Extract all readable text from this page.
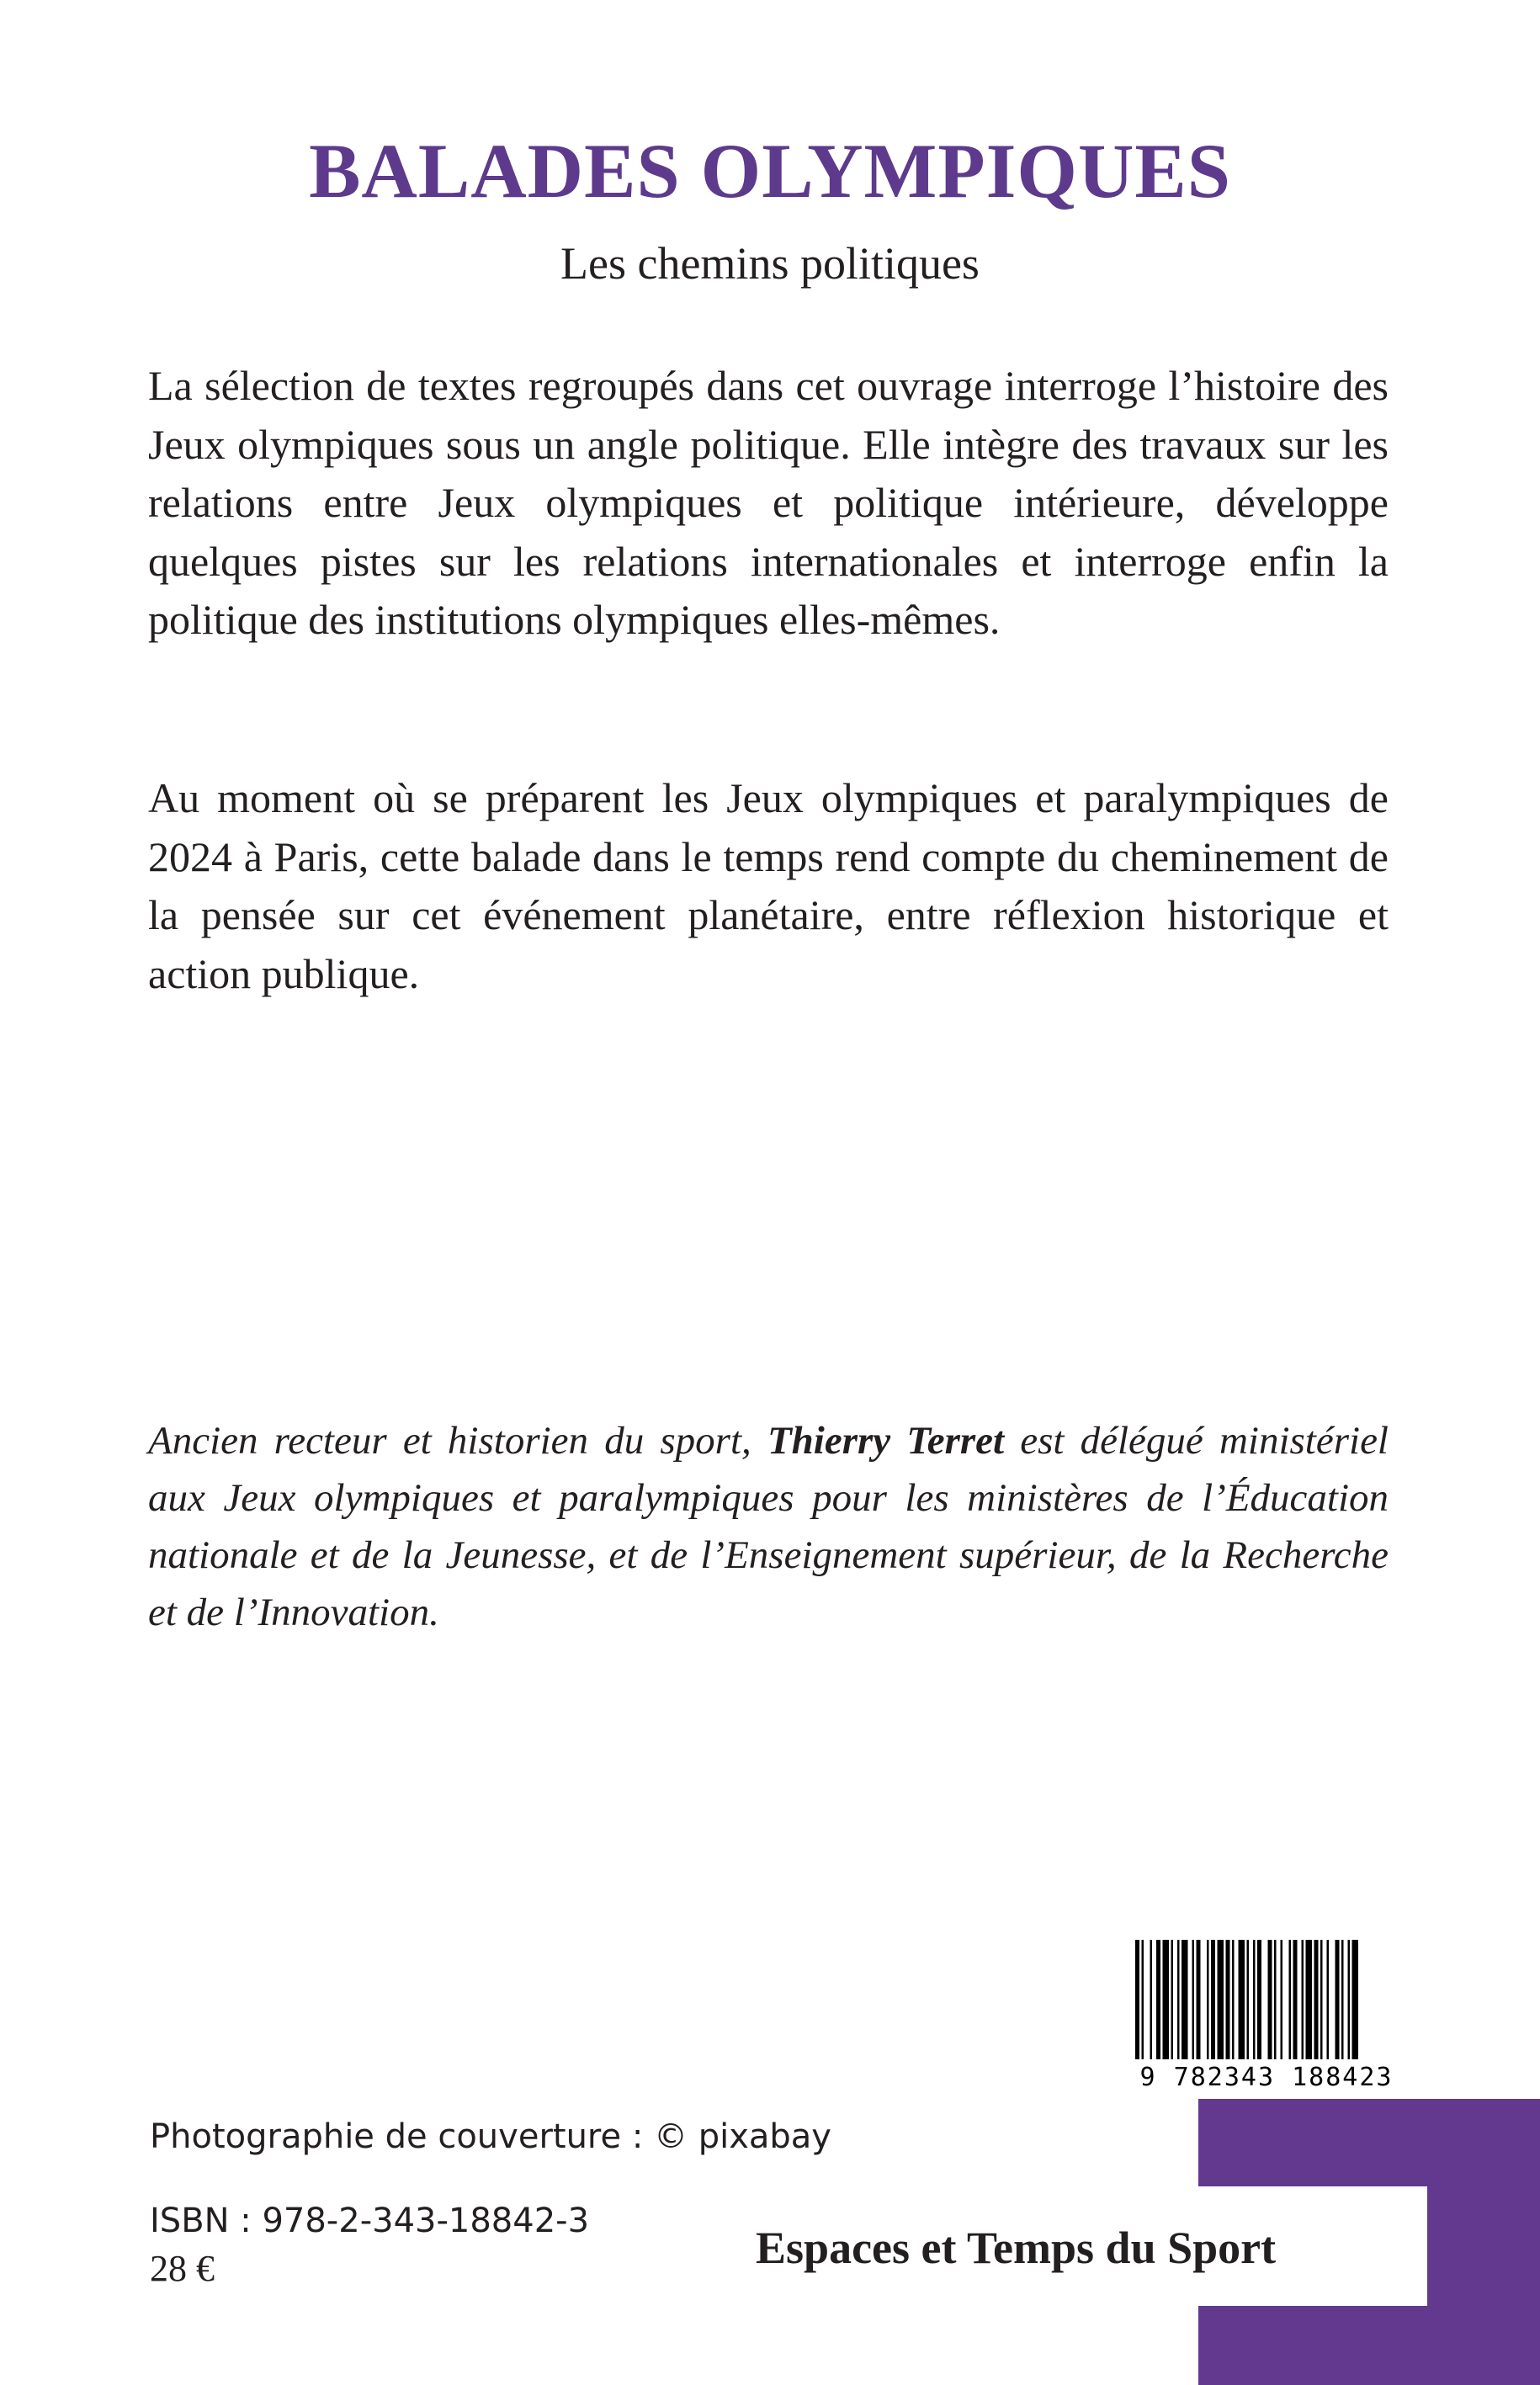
BALADES OLYMPIQUES
Les chemins politiques
La sélection de textes regroupés dans cet ouvrage interroge l’histoire des Jeux olympiques sous un angle politique. Elle intègre des travaux sur les relations entre Jeux olympiques et politique intérieure, développe quelques pistes sur les relations internationales et interroge enfin la politique des institutions olympiques elles-mêmes.
Au moment où se préparent les Jeux olympiques et paralympiques de 2024 à Paris, cette balade dans le temps rend compte du cheminement de la pensée sur cet événement planétaire, entre réflexion historique et action publique.
Ancien recteur et historien du sport, Thierry Terret est délégué ministériel aux Jeux olympiques et paralympiques pour les ministères de l’Éducation nationale et de la Jeunesse, et de l’Enseignement supérieur, de la Recherche et de l’Innovation.
9 782343 188423
Photographie de couverture : © pixabay
ISBN : 978-2-343-18842-3
28 €	Espaces et Temps du Sport
